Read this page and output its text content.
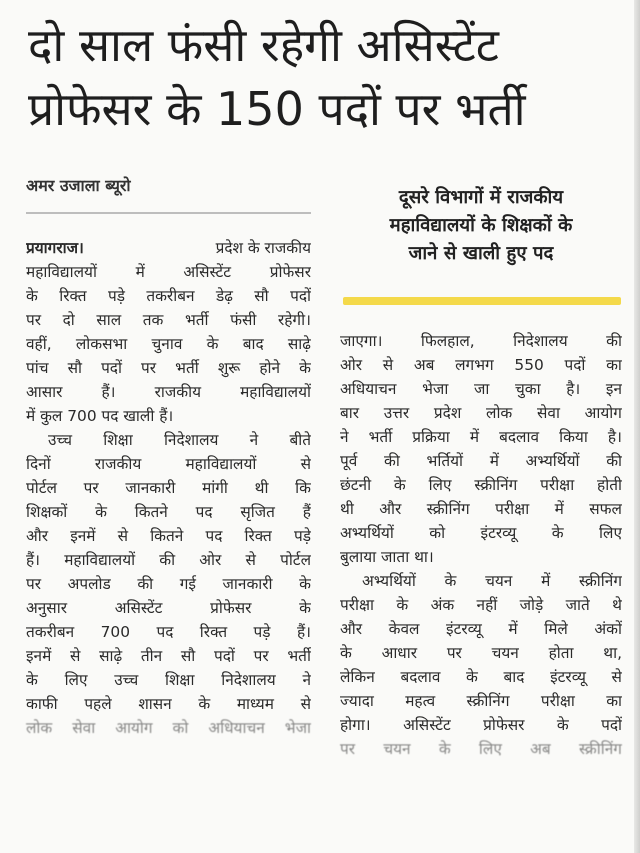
दो साल फंसी रहेगी असिस्टेंट
प्रोफेसर के 150 पदों पर भर्ती
अमर उजाला ब्यूरो
दूसरे विभागों में राजकीय
महाविद्यालयों के शिक्षकों के
जाने से खाली हुए पद
प्रयागराज।	प्रदेश के राजकीय
महाविद्यालयों	में	असिस्टेंट	प्रोफेसर
के रिक्त पड़े तकरीबन डेढ़ सौ पदों
पर दो साल तक भर्ती फंसी रहेगी।
वहीं, लोकसभा चुनाव के बाद साढ़े
पांच सौ पदों पर भर्ती शुरू होने के
आसार	हैं।	राजकीय	महाविद्यालयों
में कुल 700 पद खाली हैं।
उच्च शिक्षा निदेशालय ने बीते
दिनों	राजकीय	महाविद्यालयों	से
पोर्टल पर जानकारी मांगी थी कि
शिक्षकों के कितने पद सृजित हैं
और इनमें से कितने पद रिक्त पड़े
हैं। महाविद्यालयों की ओर से पोर्टल
पर अपलोड की गई जानकारी के
अनुसार	असिस्टेंट	प्रोफेसर	के
तकरीबन 700 पद रिक्त पड़े हैं।
इनमें से साढ़े तीन सौ पदों पर भर्ती
के लिए उच्च शिक्षा निदेशालय ने
काफी पहले शासन के माध्यम से
लोक सेवा आयोग को अधियाचन भेजा
जाएगा। फिलहाल, निदेशालय की
ओर से अब लगभग 550 पदों का
अधियाचन भेजा जा चुका है। इन
बार उत्तर प्रदेश लोक सेवा आयोग
ने भर्ती प्रक्रिया में बदलाव किया है।
पूर्व की भर्तियों में अभ्यर्थियों की
छंटनी के लिए स्क्रीनिंग परीक्षा होती
थी और स्क्रीनिंग परीक्षा में सफल
अभ्यर्थियों को इंटरव्यू के लिए
बुलाया जाता था।
अभ्यर्थियों के चयन में स्क्रीनिंग
परीक्षा के अंक नहीं जोड़े जाते थे
और केवल इंटरव्यू में मिले अंकों
के आधार पर चयन होता था,
लेकिन बदलाव के बाद इंटरव्यू से
ज्यादा महत्व स्क्रीनिंग परीक्षा का
होगा। असिस्टेंट प्रोफेसर के पदों
पर चयन के लिए अब स्क्रीनिंग
